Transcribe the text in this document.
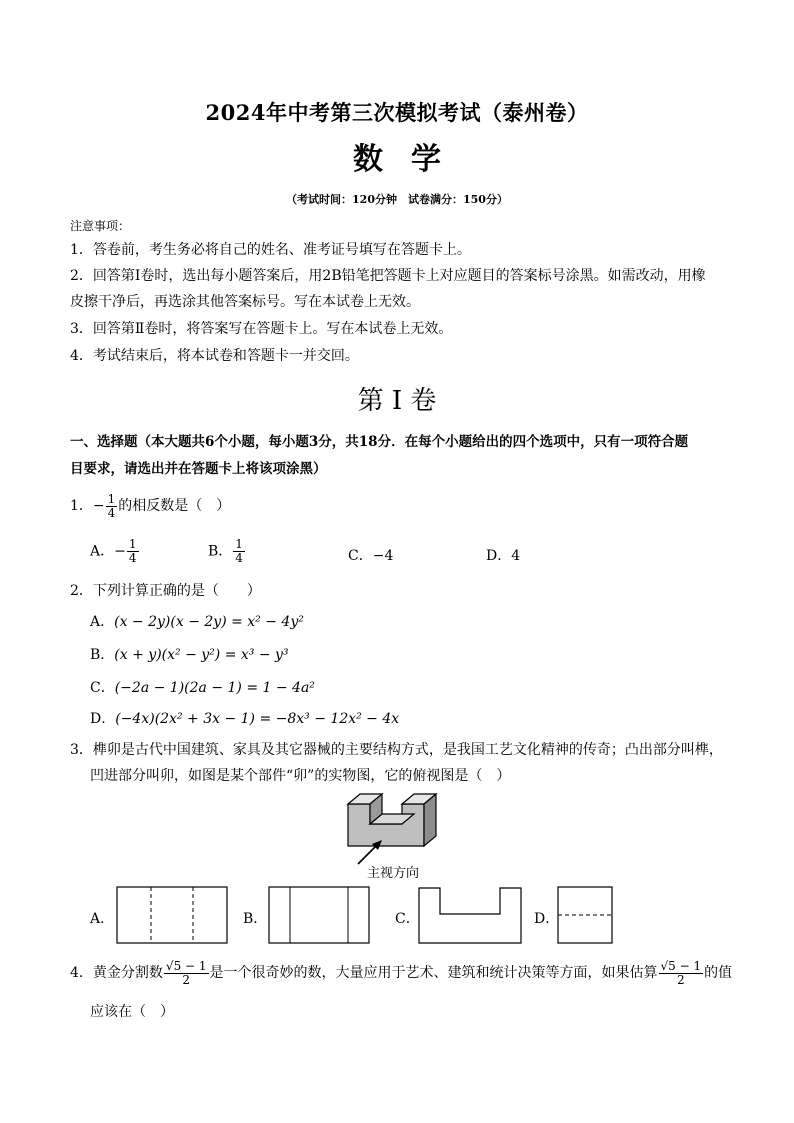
2024年中考第三次模拟考试（泰州卷）
数学
（考试时间：120分钟　试卷满分：150分）
注意事项：
1．答卷前，考生务必将自己的姓名、准考证号填写在答题卡上。
2．回答第Ⅰ卷时，选出每小题答案后，用2B铅笔把答题卡上对应题目的答案标号涂黑。如需改动，用橡
皮擦干净后，再选涂其他答案标号。写在本试卷上无效。
3．回答第Ⅱ卷时，将答案写在答题卡上。写在本试卷上无效。
4．考试结束后，将本试卷和答题卡一并交回。
第 I 卷
一、选择题（本大题共6个小题，每小题3分，共18分．在每个小题给出的四个选项中，只有一项符合题
目要求，请选出并在答题卡上将该项涂黑）
1．− $\frac{1}{4}$ 的相反数是（　）
A．− $\frac{1}{4}$	B． $\frac{1}{4}$	C．−4	D．4
2．下列计算正确的是（　　）
A．(x − 2y)(x − 2y) = x² − 4y²
B．(x + y)(x² − y²) = x³ − y³
C．(−2a − 1)(2a − 1) = 1 − 4a²
D．(−4x)(2x² + 3x − 1) = −8x³ − 12x² − 4x
3．榫卯是古代中国建筑、家具及其它器械的主要结构方式，是我国工艺文化精神的传奇；凸出部分叫榫，
凹进部分叫卯，如图是某个部件“卯”的实物图，它的俯视图是（　）
主视方向
A．	B．	C．	D．
4．黄金分割数 $\frac{√5 - 1}{2}$ 是一个很奇妙的数，大量应用于艺术、建筑和统计决策等方面，如果估算 $\frac{√5 - 1}{2}$ 的值
应该在（　）
